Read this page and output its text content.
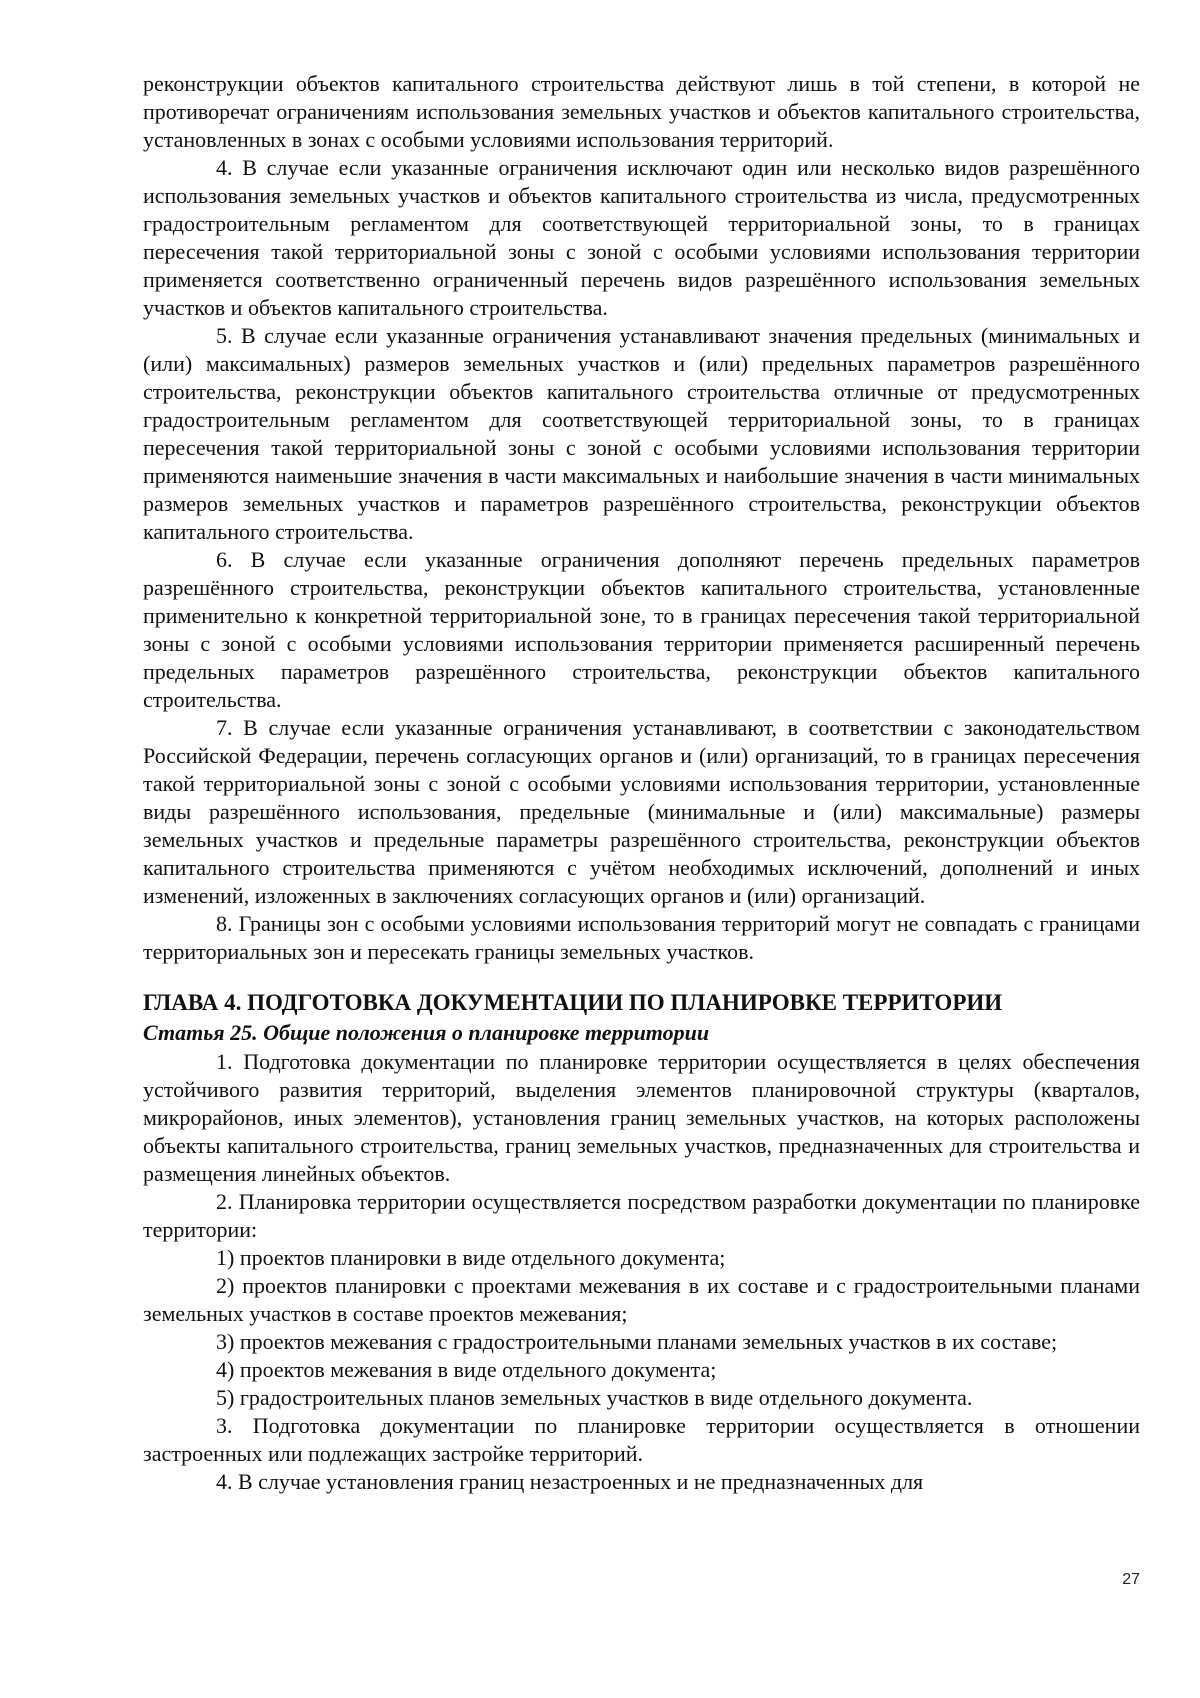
реконструкции объектов капитального строительства действуют лишь в той степени, в которой не противоречат ограничениям использования земельных участков и объектов капитального строительства, установленных в зонах с особыми условиями использования территорий.

4. В случае если указанные ограничения исключают один или несколько видов разрешённого использования земельных участков и объектов капитального строительства из числа, предусмотренных градостроительным регламентом для соответствующей территориальной зоны, то в границах пересечения такой территориальной зоны с зоной с особыми условиями использования территории применяется соответственно ограниченный перечень видов разрешённого использования земельных участков и объектов капитального строительства.

5. В случае если указанные ограничения устанавливают значения предельных (минимальных и (или) максимальных) размеров земельных участков и (или) предельных параметров разрешённого строительства, реконструкции объектов капитального строительства отличные от предусмотренных градостроительным регламентом для соответствующей территориальной зоны, то в границах пересечения такой территориальной зоны с зоной с особыми условиями использования территории применяются наименьшие значения в части максимальных и наибольшие значения в части минимальных размеров земельных участков и параметров разрешённого строительства, реконструкции объектов капитального строительства.

6. В случае если указанные ограничения дополняют перечень предельных параметров разрешённого строительства, реконструкции объектов капитального строительства, установленные применительно к конкретной территориальной зоне, то в границах пересечения такой территориальной зоны с зоной с особыми условиями использования территории применяется расширенный перечень предельных параметров разрешённого строительства, реконструкции объектов капитального строительства.

7. В случае если указанные ограничения устанавливают, в соответствии с законодательством Российской Федерации, перечень согласующих органов и (или) организаций, то в границах пересечения такой территориальной зоны с зоной с особыми условиями использования территории, установленные виды разрешённого использования, предельные (минимальные и (или) максимальные) размеры земельных участков и предельные параметры разрешённого строительства, реконструкции объектов капитального строительства применяются с учётом необходимых исключений, дополнений и иных изменений, изложенных в заключениях согласующих органов и (или) организаций.

8. Границы зон с особыми условиями использования территорий могут не совпадать с границами территориальных зон и пересекать границы земельных участков.

ГЛАВА 4. ПОДГОТОВКА ДОКУМЕНТАЦИИ ПО ПЛАНИРОВКЕ ТЕРРИТОРИИ
Статья 25. Общие положения о планировке территории

1. Подготовка документации по планировке территории осуществляется в целях обеспечения устойчивого развития территорий, выделения элементов планировочной структуры (кварталов, микрорайонов, иных элементов), установления границ земельных участков, на которых расположены объекты капитального строительства, границ земельных участков, предназначенных для строительства и размещения линейных объектов.

2. Планировка территории осуществляется посредством разработки документации по планировке территории:

1) проектов планировки в виде отдельного документа;

2) проектов планировки с проектами межевания в их составе и с градостроительными планами земельных участков в составе проектов межевания;

3) проектов межевания с градостроительными планами земельных участков в их составе;

4) проектов межевания в виде отдельного документа;

5) градостроительных планов земельных участков в виде отдельного документа.

3. Подготовка документации по планировке территории осуществляется в отношении застроенных или подлежащих застройке территорий.

4. В случае установления границ незастроенных и не предназначенных для

27
